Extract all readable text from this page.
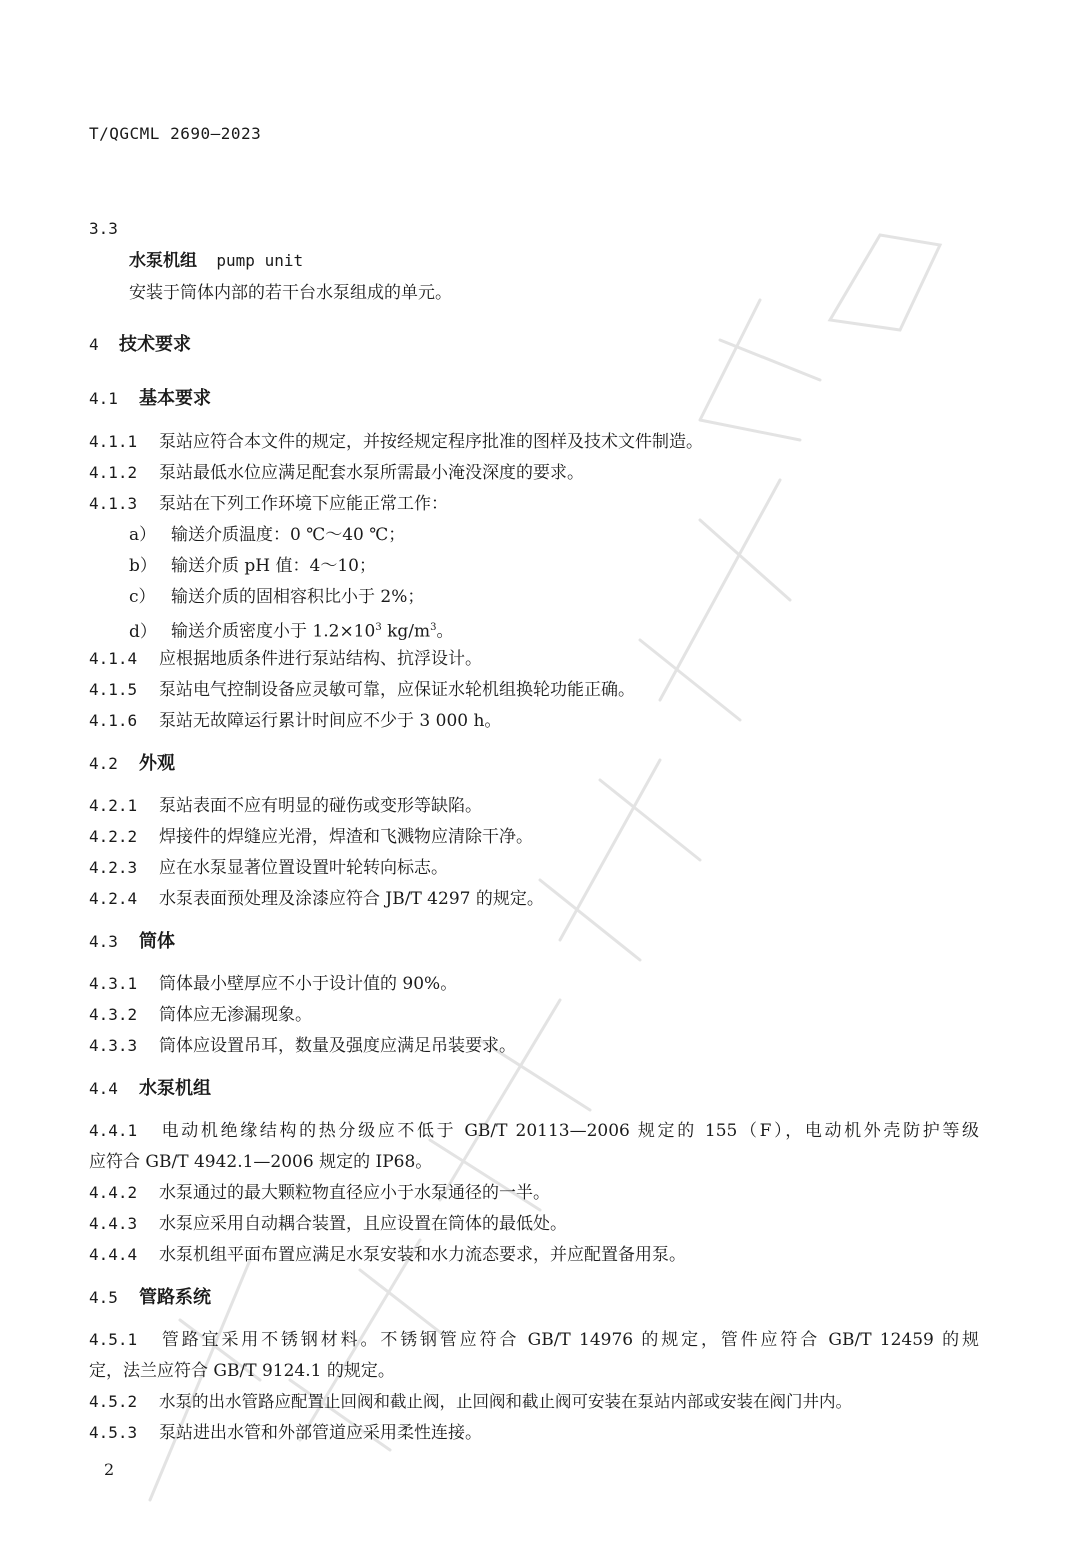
T/QGCML 2690—2023
3.3
水泵机组 pump unit
安装于筒体内部的若干台水泵组成的单元。
4 技术要求
4.1 基本要求
4.1.1 泵站应符合本文件的规定，并按经规定程序批准的图样及技术文件制造。
4.1.2 泵站最低水位应满足配套水泵所需最小淹没深度的要求。
4.1.3 泵站在下列工作环境下应能正常工作：
a） 输送介质温度：0 ℃～40 ℃；
b） 输送介质 pH 值：4～10；
c） 输送介质的固相容积比小于 2%；
d） 输送介质密度小于 $1.2\times 10^3$ $kg/m^3$。
4.1.4 应根据地质条件进行泵站结构、抗浮设计。
4.1.5 泵站电气控制设备应灵敏可靠，应保证水轮机组换轮功能正确。
4.1.6 泵站无故障运行累计时间应不少于 3 000 h。
4.2 外观
4.2.1 泵站表面不应有明显的碰伤或变形等缺陷。
4.2.2 焊接件的焊缝应光滑，焊渣和飞溅物应清除干净。
4.2.3 应在水泵显著位置设置叶轮转向标志。
4.2.4 水泵表面预处理及涂漆应符合 JB/T 4297 的规定。
4.3 筒体
4.3.1 筒体最小壁厚应不小于设计值的 90%。
4.3.2 筒体应无渗漏现象。
4.3.3 筒体应设置吊耳，数量及强度应满足吊装要求。
4.4 水泵机组
4.4.1 电动机绝缘结构的热分级应不低于 GB/T 20113—2006 规定的 155（F），电动机外壳防护等级
应符合 GB/T 4942.1—2006 规定的 IP68。
4.4.2 水泵通过的最大颗粒物直径应小于水泵通径的一半。
4.4.3 水泵应采用自动耦合装置，且应设置在筒体的最低处。
4.4.4 水泵机组平面布置应满足水泵安装和水力流态要求，并应配置备用泵。
4.5 管路系统
4.5.1 管路宜采用不锈钢材料。不锈钢管应符合 GB/T 14976 的规定，管件应符合 GB/T 12459 的规
定，法兰应符合 GB/T 9124.1 的规定。
4.5.2 水泵的出水管路应配置止回阀和截止阀，止回阀和截止阀可安装在泵站内部或安装在阀门井内。
4.5.3 泵站进出水管和外部管道应采用柔性连接。
2
